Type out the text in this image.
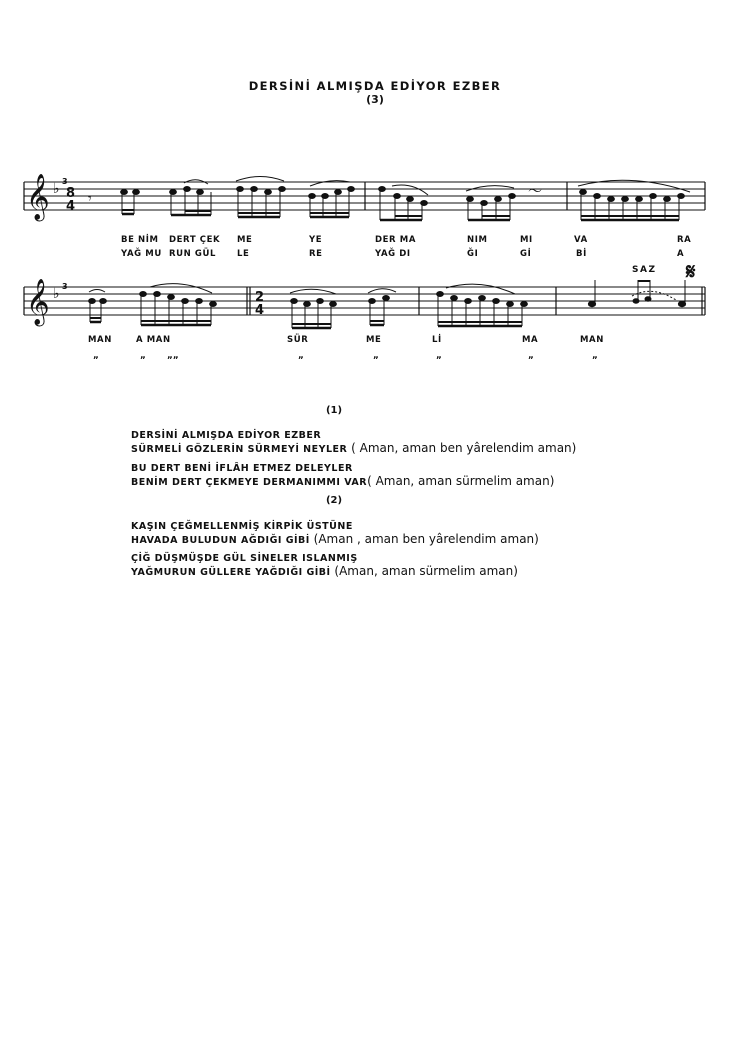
DERSİNİ ALMIŞDA EDİYOR EZBER
(3)
𝄞
𝄞
♭
♭
3
8
4
3
2
4
𝄾	〜
BE NİM DERT ÇEK ME	YE	DER MA	NIM	MI	VA	RA
YAĞ MU RUN GÜL LE	RE	YAĞ DI	ĞI	Gİ	Bİ	A
SAZ 𝄋
MAN	A MAN	SÜR	ME	Lİ	MA	MAN
„	„ „„	„	„	„	„	„
(1)
DERSİNİ ALMIŞDA EDİYOR EZBER
SÜRMELİ GÖZLERİN SÜRMEYİ NEYLER ( Aman, aman ben yârelendim aman)
BU DERT BENİ İFLÂH ETMEZ DELEYLER
BENİM DERT ÇEKMEYE DERMANIMMI VAR( Aman, aman sürmelim aman)
(2)
KAŞIN ÇEĞMELLENMİŞ KİRPİK ÜSTÜNE
HAVADA BULUDUN AĞDIĞI GİBİ (Aman , aman ben yârelendim aman)
ÇİĞ DÜŞMÜŞDE GÜL SİNELER ISLANMIŞ
YAĞMURUN GÜLLERE YAĞDIĞI GİBİ (Aman, aman sürmelim aman)
